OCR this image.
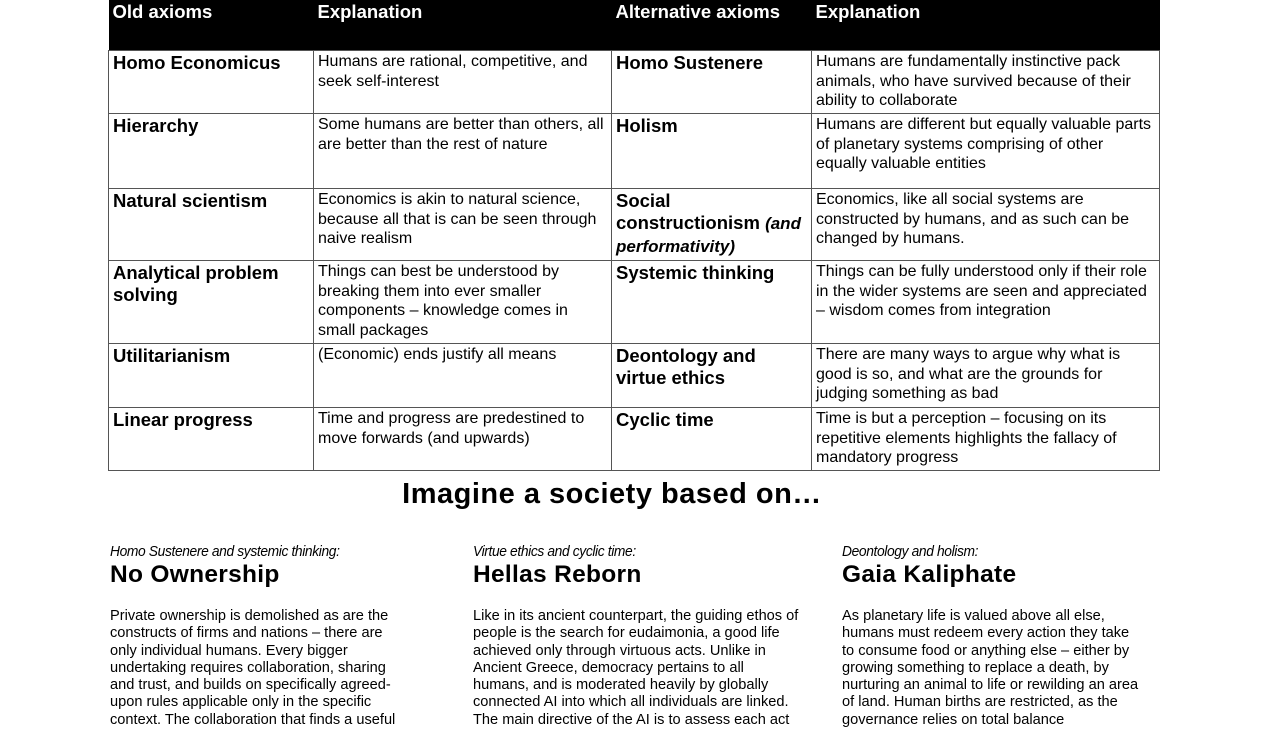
Old axioms	Explanation	Alternative axioms	Explanation
Homo Economicus	Humans are rational, competitive, and seek self-interest	Homo Sustenere	Humans are fundamentally instinctive pack animals, who have survived because of their ability to collaborate
Hierarchy	Some humans are better than others, all are better than the rest of nature	Holism	Humans are different but equally valuable parts of planetary systems comprising of other equally valuable entities
Natural scientism	Economics is akin to natural science, because all that is can be seen through naive realism	Social constructionism (and performativity)	Economics, like all social systems are constructed by humans, and as such can be changed by humans.
Analytical problem solving	Things can best be understood by breaking them into ever smaller components – knowledge comes in small packages	Systemic thinking	Things can be fully understood only if their role in the wider systems are seen and appreciated – wisdom comes from integration
Utilitarianism	(Economic) ends justify all means	Deontology and virtue ethics	There are many ways to argue why what is good is so, and what are the grounds for judging something as bad
Linear progress	Time and progress are predestined to move forwards (and upwards)	Cyclic time	Time is but a perception – focusing on its repetitive elements highlights the fallacy of mandatory progress
Imagine a society based on…
Homo Sustenere and systemic thinking:
No Ownership
Private ownership is demolished as are the constructs of firms and nations – there are only individual humans. Every bigger undertaking requires collaboration, sharing and trust, and builds on specifically agreed-upon rules applicable only in the specific context. The collaboration that finds a useful
Virtue ethics and cyclic time:
Hellas Reborn
Like in its ancient counterpart, the guiding ethos of people is the search for eudaimonia, a good life achieved only through virtuous acts. Unlike in Ancient Greece, democracy pertains to all humans, and is moderated heavily by globally connected AI into which all individuals are linked. The main directive of the AI is to assess each act
Deontology and holism:
Gaia Kaliphate
As planetary life is valued above all else, humans must redeem every action they take to consume food or anything else – either by growing something to replace a death, by nurturing an animal to life or rewilding an area of land. Human births are restricted, as the governance relies on total balance
